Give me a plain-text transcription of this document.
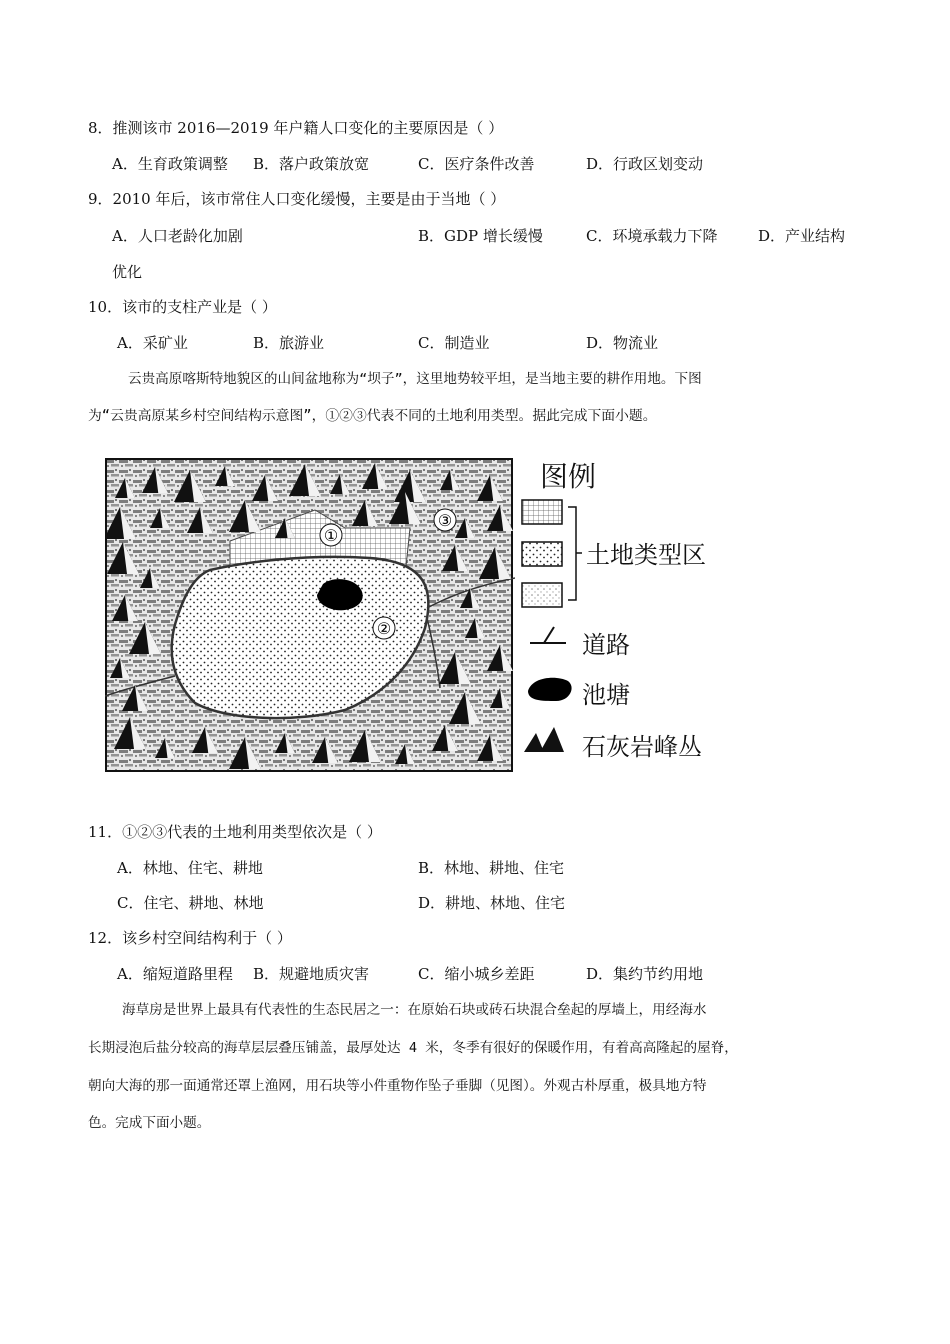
8．推测该市 2016—2019 年户籍人口变化的主要原因是（ ）
A．生育政策调整 B．落户政策放宽	C．医疗条件改善	D．行政区划变动
9．2010 年后，该市常住人口变化缓慢，主要是由于当地（ ）
A．人口老龄化加剧	B．GDP 增长缓慢	C．环境承载力下降	D．产业结构
优化
10．该市的支柱产业是（ ）
A．采矿业	B．旅游业	C．制造业	D．物流业
云贵高原喀斯特地貌区的山间盆地称为“坝子”，这里地势较平坦，是当地主要的耕作用地。下图
为“云贵高原某乡村空间结构示意图”，①②③代表不同的土地利用类型。据此完成下面小题。
①
②
③
图例
土地类型区
道路
池塘
石灰岩峰丛
11．①②③代表的土地利用类型依次是（ ）
A．林地、住宅、耕地	B．林地、耕地、住宅
C．住宅、耕地、林地	D．耕地、林地、住宅
12．该乡村空间结构利于（ ）
A．缩短道路里程 B．规避地质灾害	C．缩小城乡差距	D．集约节约用地
海草房是世界上最具有代表性的生态民居之一：在原始石块或砖石块混合垒起的厚墙上，用经海水
长期浸泡后盐分较高的海草层层叠压铺盖，最厚处达 4 米，冬季有很好的保暖作用，有着高高隆起的屋脊，
朝向大海的那一面通常还罩上渔网，用石块等小件重物作坠子垂脚（见图）。外观古朴厚重，极具地方特
色。完成下面小题。
